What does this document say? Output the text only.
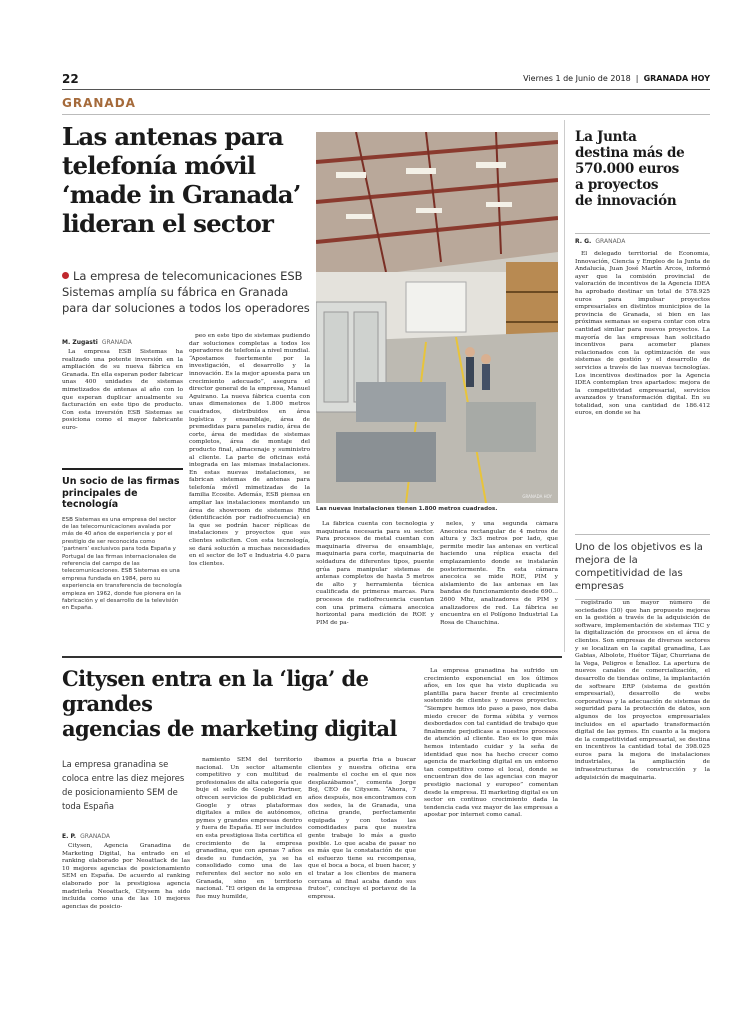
22	Viernes 1 de Junio de 2018  |  GRANADA HOY
GRANADA
Las antenas para
telefonía móvil
‘made in Granada’
lideran el sector
La empresa de telecomunicaciones ESB Sistemas amplía su fábrica en Granada para dar soluciones a todos los operadores
M. Zugasti GRANADA

La empresa ESB Sistemas ha realizado una potente inversión en la ampliación de su nueva fábrica en Granada. En ella esperan poder fabricar unas 400 unidades de sistemas mimetizados de antenas al año con lo que esperan duplicar anualmente su facturación en este tipo de producto. Con esta inversión ESB Sistemas se posiciona como el mayor fabricante euro-

peo en este tipo de sistemas pudiendo dar soluciones completas a todos los operadores de telefonía a nivel mundial. “Apostamos fuertemente por la investigación, el desarrollo y la innovación. Es la mejor apuesta para un crecimiento adecuado”, asegura el director general de la empresa, Manuel Aguirano. La nueva fábrica cuenta con unas dimensiones de 1.800 metros cuadrados, distribuidos en área logística y ensamblaje, área de premedidas para paneles radio, área de corte, área de medidas de sistemas completos, área de montaje del producto final, almacenaje y suministro al cliente. La parte de oficinas está integrada en las mismas instalaciones. En estas nuevas instalaciones, se fabrican sistemas de antenas para telefonía móvil mimetizadas de la familia Ecosite. Además, ESB piensa en ampliar las instalaciones montando un área de showroom de sistemas Rfid (identificación por radiofrecuencia) en la que se podrán hacer réplicas de instalaciones y proyectos que sus clientes soliciten. Con esta tecnología, se dará solución a muchas necesidades en el sector de IoT e Industria 4.0 para los clientes.

Un socio de las firmas principales de tecnología
ESB Sistemas es una empresa del sector de las telecomunicaciones avalada por más de 40 años de experiencia y por el prestigio de ser reconocida como ‘partners’ exclusivos para toda España y Portugal de las firmas internacionales de referencia del campo de las telecomunicaciones. ESB Sistemas es una empresa fundada en 1984, pero su experiencia en transferencia de tecnología empieza en 1962, donde fue pionera en la fabricación y el desarrollo de la televisión en España.
GRANADA HOY
Las nuevas instalaciones tienen 1.800 metros cuadrados.

La fábrica cuenta con tecnología y maquinaria necesaria para su sector. Para procesos de metal cuentan con maquinaria diversa de ensamblaje, maquinaria para corte, maquinaria de soldadura de diferentes tipos, puente grúa para manipular sistemas de antenas completos de hasta 5 metros de alto y herramienta técnica cualificada de primeras marcas. Para procesos de radiofrecuencia cuentan con una primera cámara anecoica horizontal para medición de ROE y PIM de pa-

neles, y una segunda cámara Anecoica rectangular de 4 metros de altura y 3x3 metros por lado, que permite medir las antenas en vertical haciendo una réplica exacta del emplazamiento donde se instalarán posteriormente. En esta cámara anecoica se mide ROE, PIM y aislamiento de las antenas en las bandas de funcionamiento desde 690…2600 Mhz, analizadores de PIM y analizadores de red. La fábrica se encuentra en el Polígono Industrial La Rosa de Chauchina.

La Junta
destina más de
570.000 euros
a proyectos
de innovación
R. G. GRANADA

El delegado territorial de Economía, Innovación, Ciencia y Empleo de la Junta de Andalucía, Juan José Martín Arcos, informó ayer que la comisión provincial de valoración de incentivos de la Agencia IDEA ha aprobado destinar un total de 578.925 euros para impulsar proyectos empresariales en distintos municipios de la provincia de Granada, si bien en las próximas semanas se espera contar con otra cantidad similar para nuevos proyectos. La mayoría de las empresas han solicitado incentivos para acometer planes relacionados con la optimización de sus sistemas de gestión y el desarrollo de servicios a través de las nuevas tecnologías. Los incentivos destinados por la Agencia IDEA contemplan tres apartados: mejora de la competitividad empresarial, servicios avanzados y transformación digital. En su totalidad, son una cantidad de 186.412 euros, en donde se ha

Uno de los objetivos es la mejora de la competitividad de las empresas

registrado un mayor número de sociedades (30) que han propuesto mejoras en la gestión a través de la adquisición de software, implementación de sistemas TIC y la digitalización de procesos en el área de clientes. Son empresas de diversos sectores y se localizan en la capital granadina, Las Gabias, Albolote, Huétor Tájar, Churriana de la Vega, Peligros e Íznalloz. La apertura de nuevos canales de comercialización, el desarrollo de tiendas online, la implantación de software ERP (sistema de gestión empresarial), desarrollo de webs corporativas y la adecuación de sistemas de seguridad para la protección de datos, son algunos de los proyectos empresariales incluidos en el apartado transformación digital de las pymes. En cuanto a la mejora de la competitividad empresarial, se destina en incentivos la cantidad total de 398.025 euros para la mejora de instalaciones industriales, la ampliación de infraestructuras de construcción y la adquisición de maquinaria.

Citysen entra en la ‘liga’ de grandes
agencias de marketing digital
La empresa granadina se coloca entre las diez mejores de posicionamiento SEM de toda España
E. P. GRANADA

Citysen, Agencia Granadina de Marketing Digital, ha entrado en el ranking elaborado por Neoattack de las 10 mejores agencias de posicionamiento SEM en España. De acuerdo al ranking elaborado por la prestigiosa agencia madrileña Neoattack, Citysem ha sido incluida como una de las 10 mejores agencias de posicio-

namiento SEM del territorio nacional. Un sector altamente competitivo y con multitud de profesionales de alta categoría que buje el sello de Google Partner, ofrecen servicios de publicidad en Google y otras plataformas digitales a miles de autónomos, pymes y grandes empresas dentro y fuera de España. El ser incluidos en esta prestigiosa lista certifica el crecimiento de la empresa granadina, que con apenas 7 años desde su fundación, ya se ha consolidado como una de las referentes del sector no solo en Granada, sino en territorio nacional. “El origen de la empresa fue muy humilde,

íbamos a puerta fría a buscar clientes y nuestra oficina era realmente el coche en el que nos desplazábamos”, comenta Jorge Boj, CEO de Citysem. “Ahora, 7 años después, nos encontramos con dos sedes, la de Granada, una oficina grande, perfectamente equipada y con todas las comodidades para que nuestra gente trabaje lo más a gusto posible. Lo que acaba de pasar no es más que la constatación de que el esfuerzo tiene su recompensa, que el boca a boca, el buen hacer, y el tratar a los clientes de manera cercana al final acaba dando sus frutos”, concluye el portavoz de la empresa.

La empresa granadina ha sufrido un crecimiento exponencial en los últimos años, en los que ha visto duplicada su plantilla para hacer frente al crecimiento sostenido de clientes y nuevos proyectos. “Siempre hemos ido paso a paso, nos daba miedo crecer de forma súbita y vernos desbordados con tal cantidad de trabajo que finalmente perjudicase a nuestros procesos de atención al cliente. Eso es lo que más hemos intentado cuidar y la seña de identidad que nos ha hecho crecer como agencia de marketing digital en un entorno tan competitivo como el local, donde se encuentran dos de las agencias con mayor prestigio nacional y europeo” comentan desde la empresa. El marketing digital es un sector en continuo crecimiento dada la tendencia cada vez mayor de las empresas a apostar por internet como canal.
